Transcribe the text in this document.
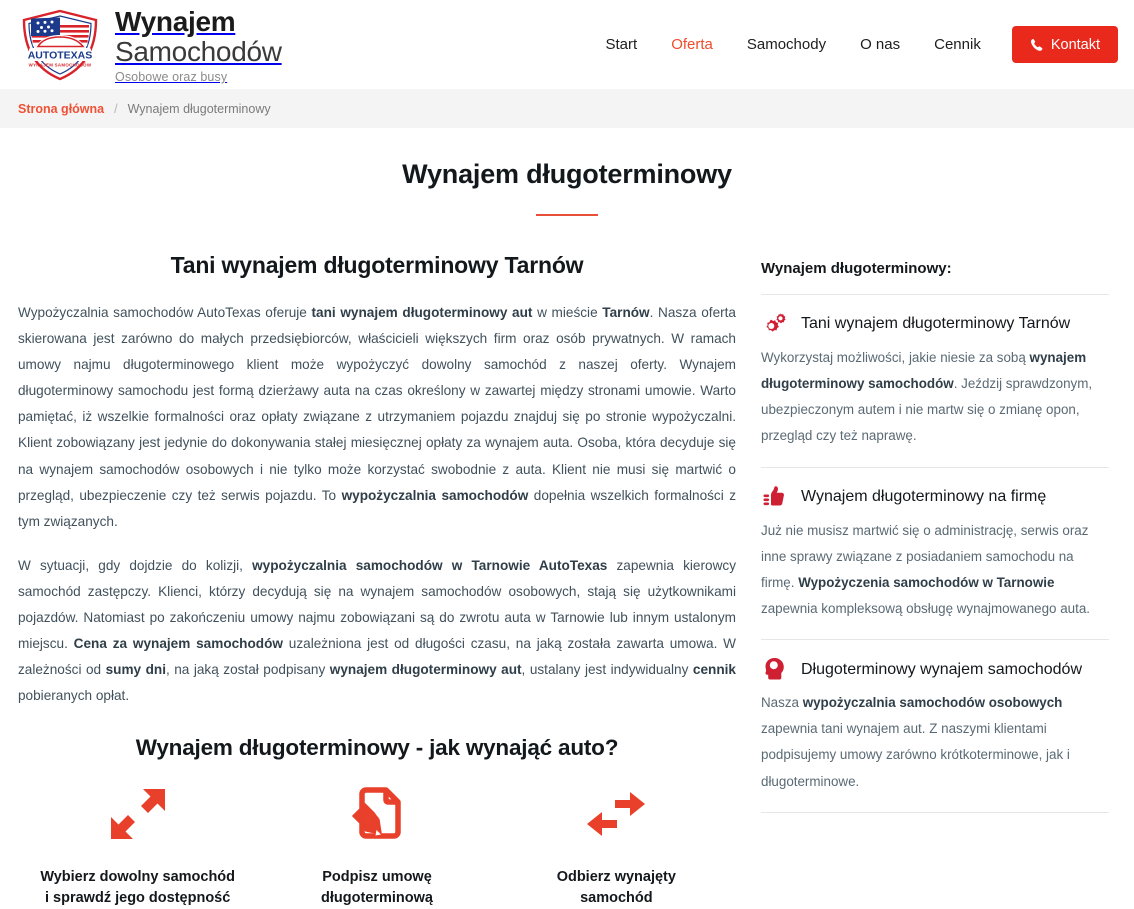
AUTOTEXAS
WYNAJEM SAMOCHODÓW
Wynajem
Samochodów
Osobowe oraz busy
Start	Oferta	Samochody	O nas	Cennik	Kontakt
Strona główna / Wynajem długoterminowy
Wynajem długoterminowy
Tani wynajem długoterminowy Tarnów

Wypożyczalnia samochodów AutoTexas oferuje tani wynajem długoterminowy aut w mieście Tarnów. Nasza oferta skierowana jest zarówno do małych przedsiębiorców, właścicieli większych firm oraz osób prywatnych. W ramach umowy najmu długoterminowego klient może wypożyczyć dowolny samochód z naszej oferty. Wynajem długoterminowy samochodu jest formą dzierżawy auta na czas określony w zawartej między stronami umowie. Warto pamiętać, iż wszelkie formalności oraz opłaty związane z utrzymaniem pojazdu znajduj się po stronie wypożyczalni. Klient zobowiązany jest jedynie do dokonywania stałej miesięcznej opłaty za wynajem auta. Osoba, która decyduje się na wynajem samochodów osobowych i nie tylko może korzystać swobodnie z auta. Klient nie musi się martwić o przegląd, ubezpieczenie czy też serwis pojazdu. To wypożyczalnia samochodów dopełnia wszelkich formalności z tym związanych.

W sytuacji, gdy dojdzie do kolizji, wypożyczalnia samochodów w Tarnowie AutoTexas zapewnia kierowcy samochód zastępczy. Klienci, którzy decydują się na wynajem samochodów osobowych, stają się użytkownikami pojazdów. Natomiast po zakończeniu umowy najmu zobowiązani są do zwrotu auta w Tarnowie lub innym ustalonym miejscu. Cena za wynajem samochodów uzależniona jest od długości czasu, na jaką została zawarta umowa. W zależności od sumy dni, na jaką został podpisany wynajem długoterminowy aut, ustalany jest indywidualny cennik pobieranych opłat.

Wynajem długoterminowy - jak wynająć auto?
Wybierz dowolny samochód
i sprawdź jego dostępność
Podpisz umowę
długoterminową
Odbierz wynajęty
samochód
Wynajem długoterminowy:
Tani wynajem długoterminowy Tarnów
Wykorzystaj możliwości, jakie niesie za sobą wynajem długoterminowy samochodów. Jeździj sprawdzonym, ubezpieczonym autem i nie martw się o zmianę opon, przegląd czy też naprawę.
Wynajem długoterminowy na firmę
Już nie musisz martwić się o administrację, serwis oraz inne sprawy związane z posiadaniem samochodu na firmę. Wypożyczenia samochodów w Tarnowie zapewnia kompleksową obsługę wynajmowanego auta.
Długoterminowy wynajem samochodów
Nasza wypożyczalnia samochodów osobowych zapewnia tani wynajem aut. Z naszymi klientami podpisujemy umowy zarówno krótkoterminowe, jak i długoterminowe.
